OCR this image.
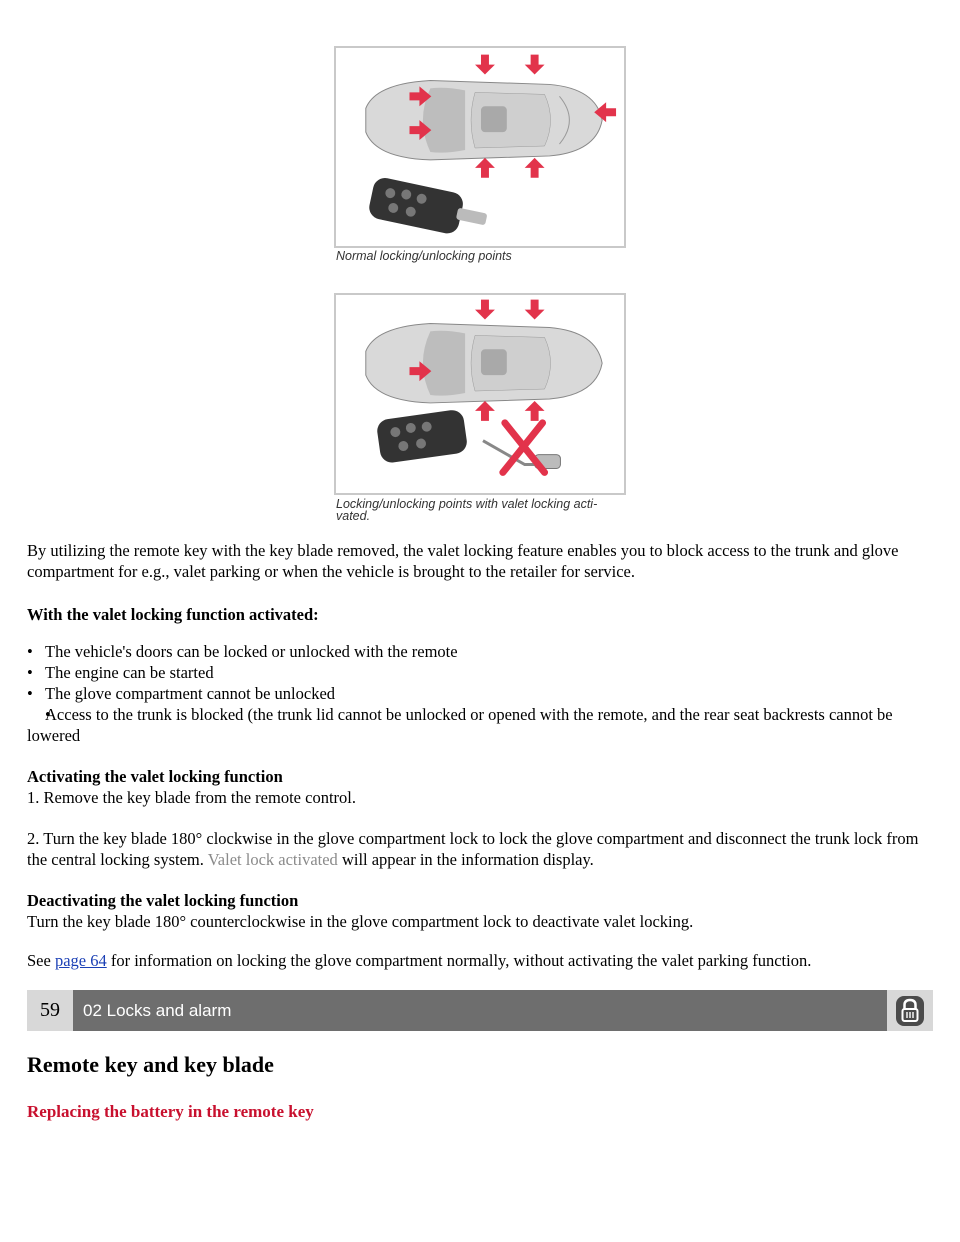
Normal locking/unlocking points
Locking/unlocking points with valet locking acti-
vated.
By utilizing the remote key with the key blade removed, the valet locking feature enables you to block access to the trunk and glove compartment for e.g., valet parking or when the vehicle is brought to the retailer for service.
With the valet locking function activated:
• The vehicle's doors can be locked or unlocked with the remote
• The engine can be started
• The glove compartment cannot be unlocked
• Access to the trunk is blocked (the trunk lid cannot be unlocked or opened with the remote, and the rear seat backrests cannot be lowered
Activating the valet locking function
1. Remove the key blade from the remote control.
2. Turn the key blade 180° clockwise in the glove compartment lock to lock the glove compartment and disconnect the trunk lock from the central locking system. Valet lock activated will appear in the information display.
Deactivating the valet locking function
Turn the key blade 180° counterclockwise in the glove compartment lock to deactivate valet locking.
See page 64 for information on locking the glove compartment normally, without activating the valet parking function.
59	02 Locks and alarm
Remote key and key blade
Replacing the battery in the remote key
